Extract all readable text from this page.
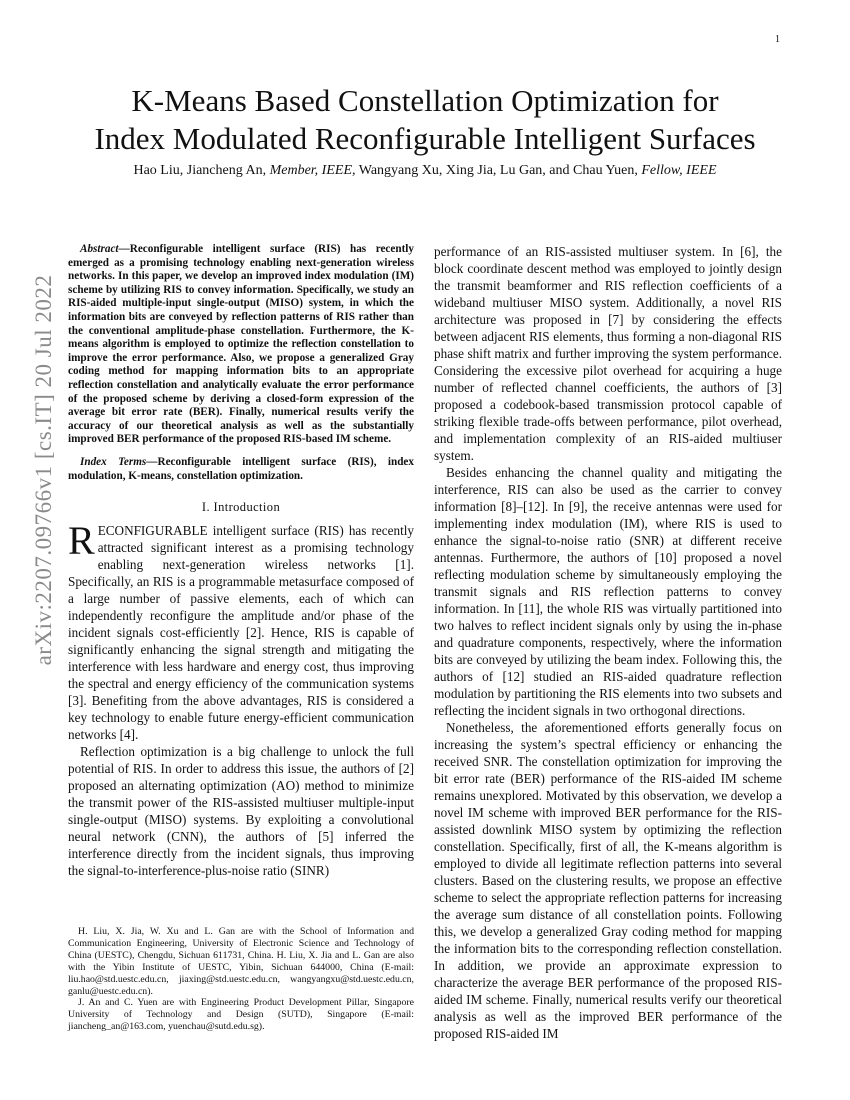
1
arXiv:2207.09766v1 [cs.IT] 20 Jul 2022
K-Means Based Constellation Optimization for
Index Modulated Reconfigurable Intelligent Surfaces
Hao Liu, Jiancheng An, Member, IEEE, Wangyang Xu, Xing Jia, Lu Gan, and Chau Yuen, Fellow, IEEE

Abstract—Reconfigurable intelligent surface (RIS) has recently emerged as a promising technology enabling next-generation wireless networks. In this paper, we develop an improved index modulation (IM) scheme by utilizing RIS to convey information. Specifically, we study an RIS-aided multiple-input single-output (MISO) system, in which the information bits are conveyed by reflection patterns of RIS rather than the conventional amplitude-phase constellation. Furthermore, the K-means algorithm is employed to optimize the reflection constellation to improve the error performance. Also, we propose a generalized Gray coding method for mapping information bits to an appropriate reflection constellation and analytically evaluate the error performance of the proposed scheme by deriving a closed-form expression of the average bit error rate (BER). Finally, numerical results verify the accuracy of our theoretical analysis as well as the substantially improved BER performance of the proposed RIS-based IM scheme.

Index Terms—Reconfigurable intelligent surface (RIS), index modulation, K-means, constellation optimization.

I. Introduction

RECONFIGURABLE intelligent surface (RIS) has recently attracted significant interest as a promising technology enabling next-generation wireless networks [1]. Specifically, an RIS is a programmable metasurface composed of a large number of passive elements, each of which can independently reconfigure the amplitude and/or phase of the incident signals cost-efficiently [2]. Hence, RIS is capable of significantly enhancing the signal strength and mitigating the interference with less hardware and energy cost, thus improving the spectral and energy efficiency of the communication systems [3]. Benefiting from the above advantages, RIS is considered a key technology to enable future energy-efficient communication networks [4].

Reflection optimization is a big challenge to unlock the full potential of RIS. In order to address this issue, the authors of [2] proposed an alternating optimization (AO) method to minimize the transmit power of the RIS-assisted multiuser multiple-input single-output (MISO) systems. By exploiting a convolutional neural network (CNN), the authors of [5] inferred the interference directly from the incident signals, thus improving the signal-to-interference-plus-noise ratio (SINR)

H. Liu, X. Jia, W. Xu and L. Gan are with the School of Information and Communication Engineering, University of Electronic Science and Technology of China (UESTC), Chengdu, Sichuan 611731, China. H. Liu, X. Jia and L. Gan are also with the Yibin Institute of UESTC, Yibin, Sichuan 644000, China (E-mail: liu.hao@std.uestc.edu.cn, jiaxing@std.uestc.edu.cn, wangyangxu@std.uestc.edu.cn, ganlu@uestc.edu.cn).

J. An and C. Yuen are with Engineering Product Development Pillar, Singapore University of Technology and Design (SUTD), Singapore (E-mail: jiancheng_an@163.com, yuenchau@sutd.edu.sg).

performance of an RIS-assisted multiuser system. In [6], the block coordinate descent method was employed to jointly design the transmit beamformer and RIS reflection coefficients of a wideband multiuser MISO system. Additionally, a novel RIS architecture was proposed in [7] by considering the effects between adjacent RIS elements, thus forming a non-diagonal RIS phase shift matrix and further improving the system performance. Considering the excessive pilot overhead for acquiring a huge number of reflected channel coefficients, the authors of [3] proposed a codebook-based transmission protocol capable of striking flexible trade-offs between performance, pilot overhead, and implementation complexity of an RIS-aided multiuser system.

Besides enhancing the channel quality and mitigating the interference, RIS can also be used as the carrier to convey information [8]–[12]. In [9], the receive antennas were used for implementing index modulation (IM), where RIS is used to enhance the signal-to-noise ratio (SNR) at different receive antennas. Furthermore, the authors of [10] proposed a novel reflecting modulation scheme by simultaneously employing the transmit signals and RIS reflection patterns to convey information. In [11], the whole RIS was virtually partitioned into two halves to reflect incident signals only by using the in-phase and quadrature components, respectively, where the information bits are conveyed by utilizing the beam index. Following this, the authors of [12] studied an RIS-aided quadrature reflection modulation by partitioning the RIS elements into two subsets and reflecting the incident signals in two orthogonal directions.

Nonetheless, the aforementioned efforts generally focus on increasing the system’s spectral efficiency or enhancing the received SNR. The constellation optimization for improving the bit error rate (BER) performance of the RIS-aided IM scheme remains unexplored. Motivated by this observation, we develop a novel IM scheme with improved BER performance for the RIS-assisted downlink MISO system by optimizing the reflection constellation. Specifically, first of all, the K-means algorithm is employed to divide all legitimate reflection patterns into several clusters. Based on the clustering results, we propose an effective scheme to select the appropriate reflection patterns for increasing the average sum distance of all constellation points. Following this, we develop a generalized Gray coding method for mapping the information bits to the corresponding reflection constellation. In addition, we provide an approximate expression to characterize the average BER performance of the proposed RIS-aided IM scheme. Finally, numerical results verify our theoretical analysis as well as the improved BER performance of the proposed RIS-aided IM
